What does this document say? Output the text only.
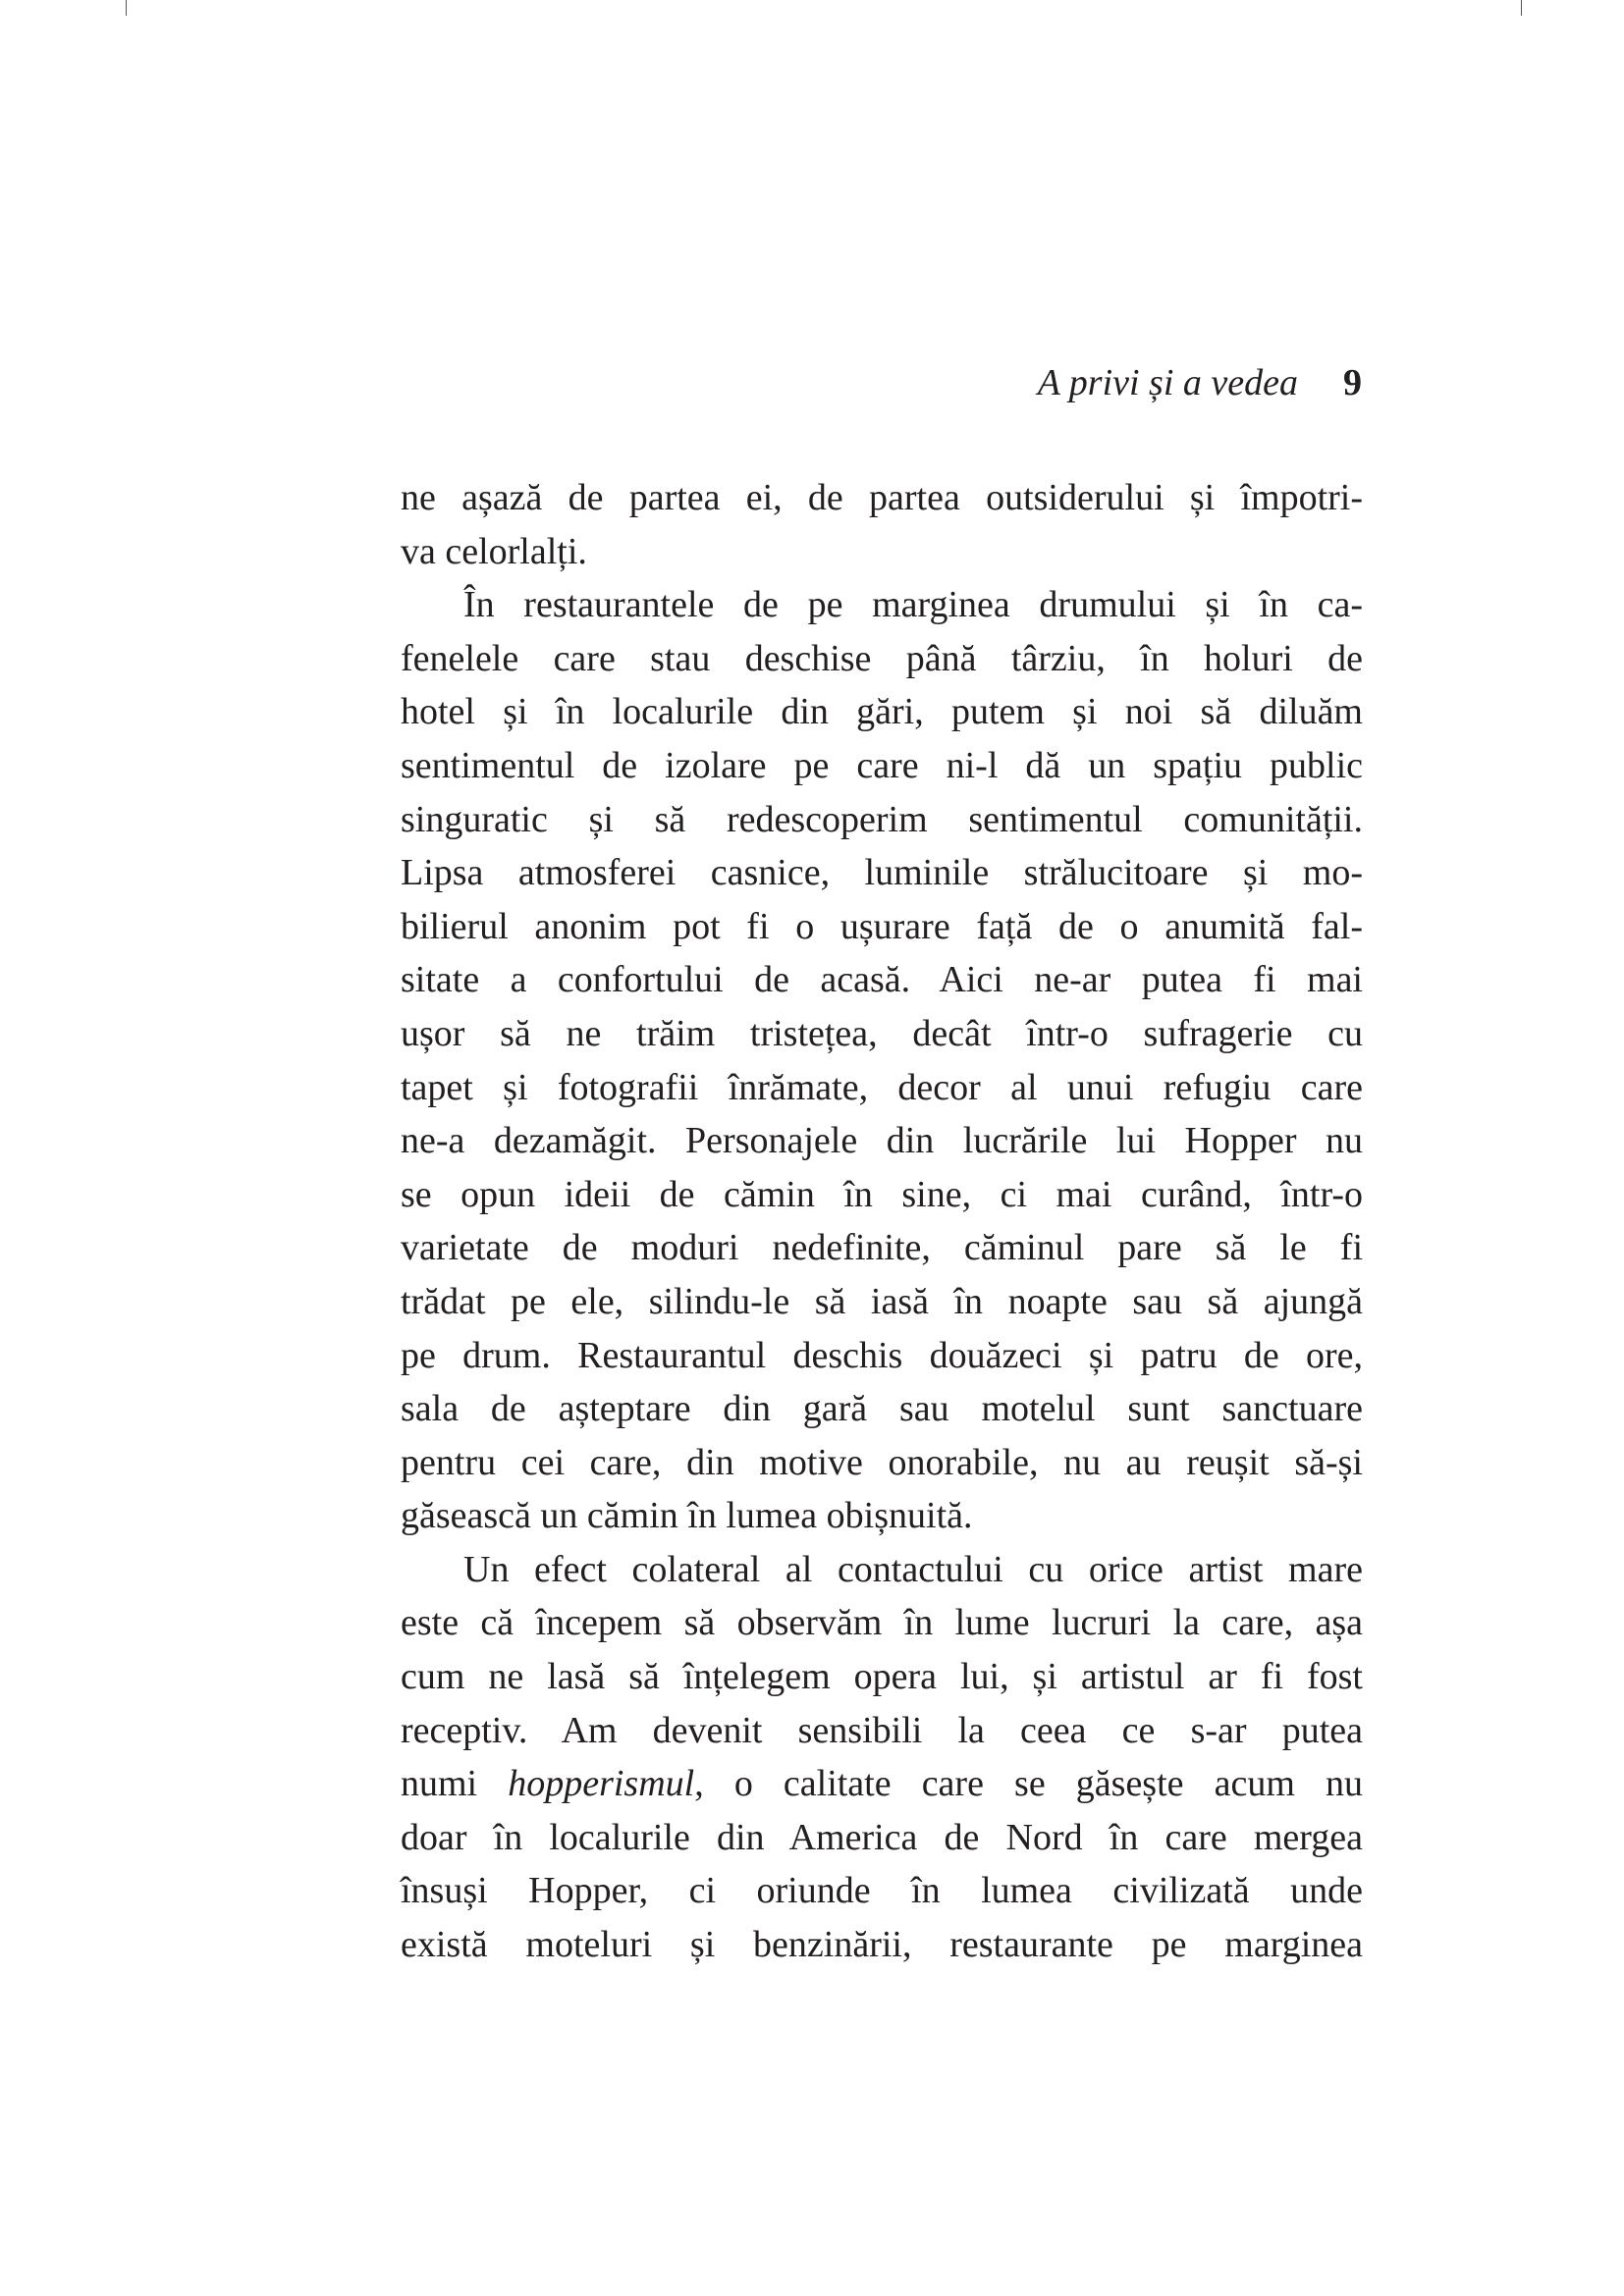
A privi și a vedea 9
ne așază de partea ei, de partea outsiderului și împotri-
va celorlalți.
În restaurantele de pe marginea drumului și în ca-
fenelele care stau deschise până târziu, în holuri de
hotel și în localurile din gări, putem și noi să diluăm
sentimentul de izolare pe care ni-l dă un spațiu public
singuratic și să redescoperim sentimentul comunității.
Lipsa atmosferei casnice, luminile strălucitoare și mo-
bilierul anonim pot fi o ușurare față de o anumită fal-
sitate a confortului de acasă. Aici ne-ar putea fi mai
ușor să ne trăim tristețea, decât într-o sufragerie cu
tapet și fotografii înrămate, decor al unui refugiu care
ne-a dezamăgit. Personajele din lucrările lui Hopper nu
se opun ideii de cămin în sine, ci mai curând, într-o
varietate de moduri nedefinite, căminul pare să le fi
trădat pe ele, silindu-le să iasă în noapte sau să ajungă
pe drum. Restaurantul deschis douăzeci și patru de ore,
sala de așteptare din gară sau motelul sunt sanctuare
pentru cei care, din motive onorabile, nu au reușit să-și
găsească un cămin în lumea obișnuită.
Un efect colateral al contactului cu orice artist mare
este că începem să observăm în lume lucruri la care, așa
cum ne lasă să înțelegem opera lui, și artistul ar fi fost
receptiv. Am devenit sensibili la ceea ce s-ar putea
numi hopperismul, o calitate care se găsește acum nu
doar în localurile din America de Nord în care mergea
însuși Hopper, ci oriunde în lumea civilizată unde
există moteluri și benzinării, restaurante pe marginea
